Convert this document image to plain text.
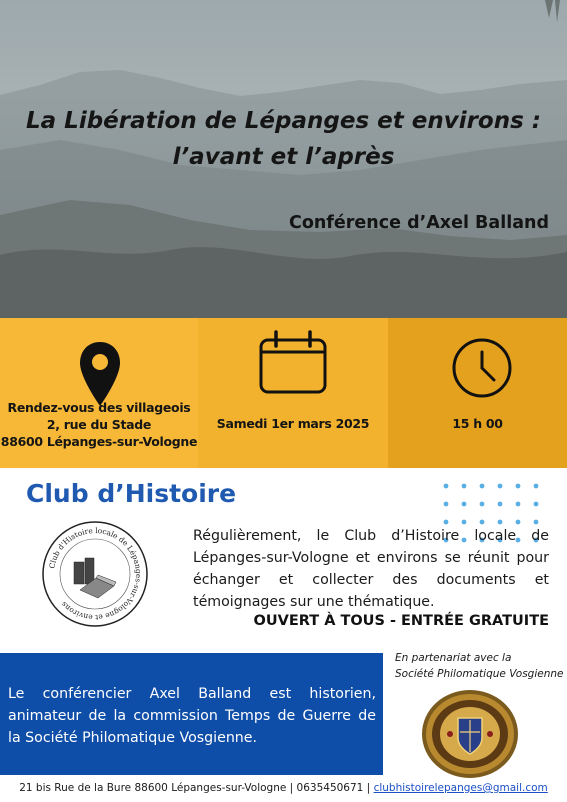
La Libération de Lépanges et environs :
l’avant et l’après
Conférence d’Axel Balland
Rendez-vous des villageois
2, rue du Stade
88600 Lépanges-sur-Vologne
Samedi 1er mars 2025	15 h 00
Club d’Histoire
Club d'Histoire locale de Lépanges-sur-Vologne et environs
Régulièrement, le Club d’Histoire locale de
Lépanges-sur-Vologne et environs se réunit pour
échanger et collecter des documents et
témoignages sur une thématique.
OUVERT À TOUS - ENTRÉE GRATUITE
Le conférencier Axel Balland est historien,
animateur de la commission Temps de Guerre de
la Société Philomatique Vosgienne.
En partenariat avec la
Société Philomatique Vosgienne
21 bis Rue de la Bure 88600 Lépanges-sur-Vologne | 0635450671 | clubhistoirelepanges@gmail.com
